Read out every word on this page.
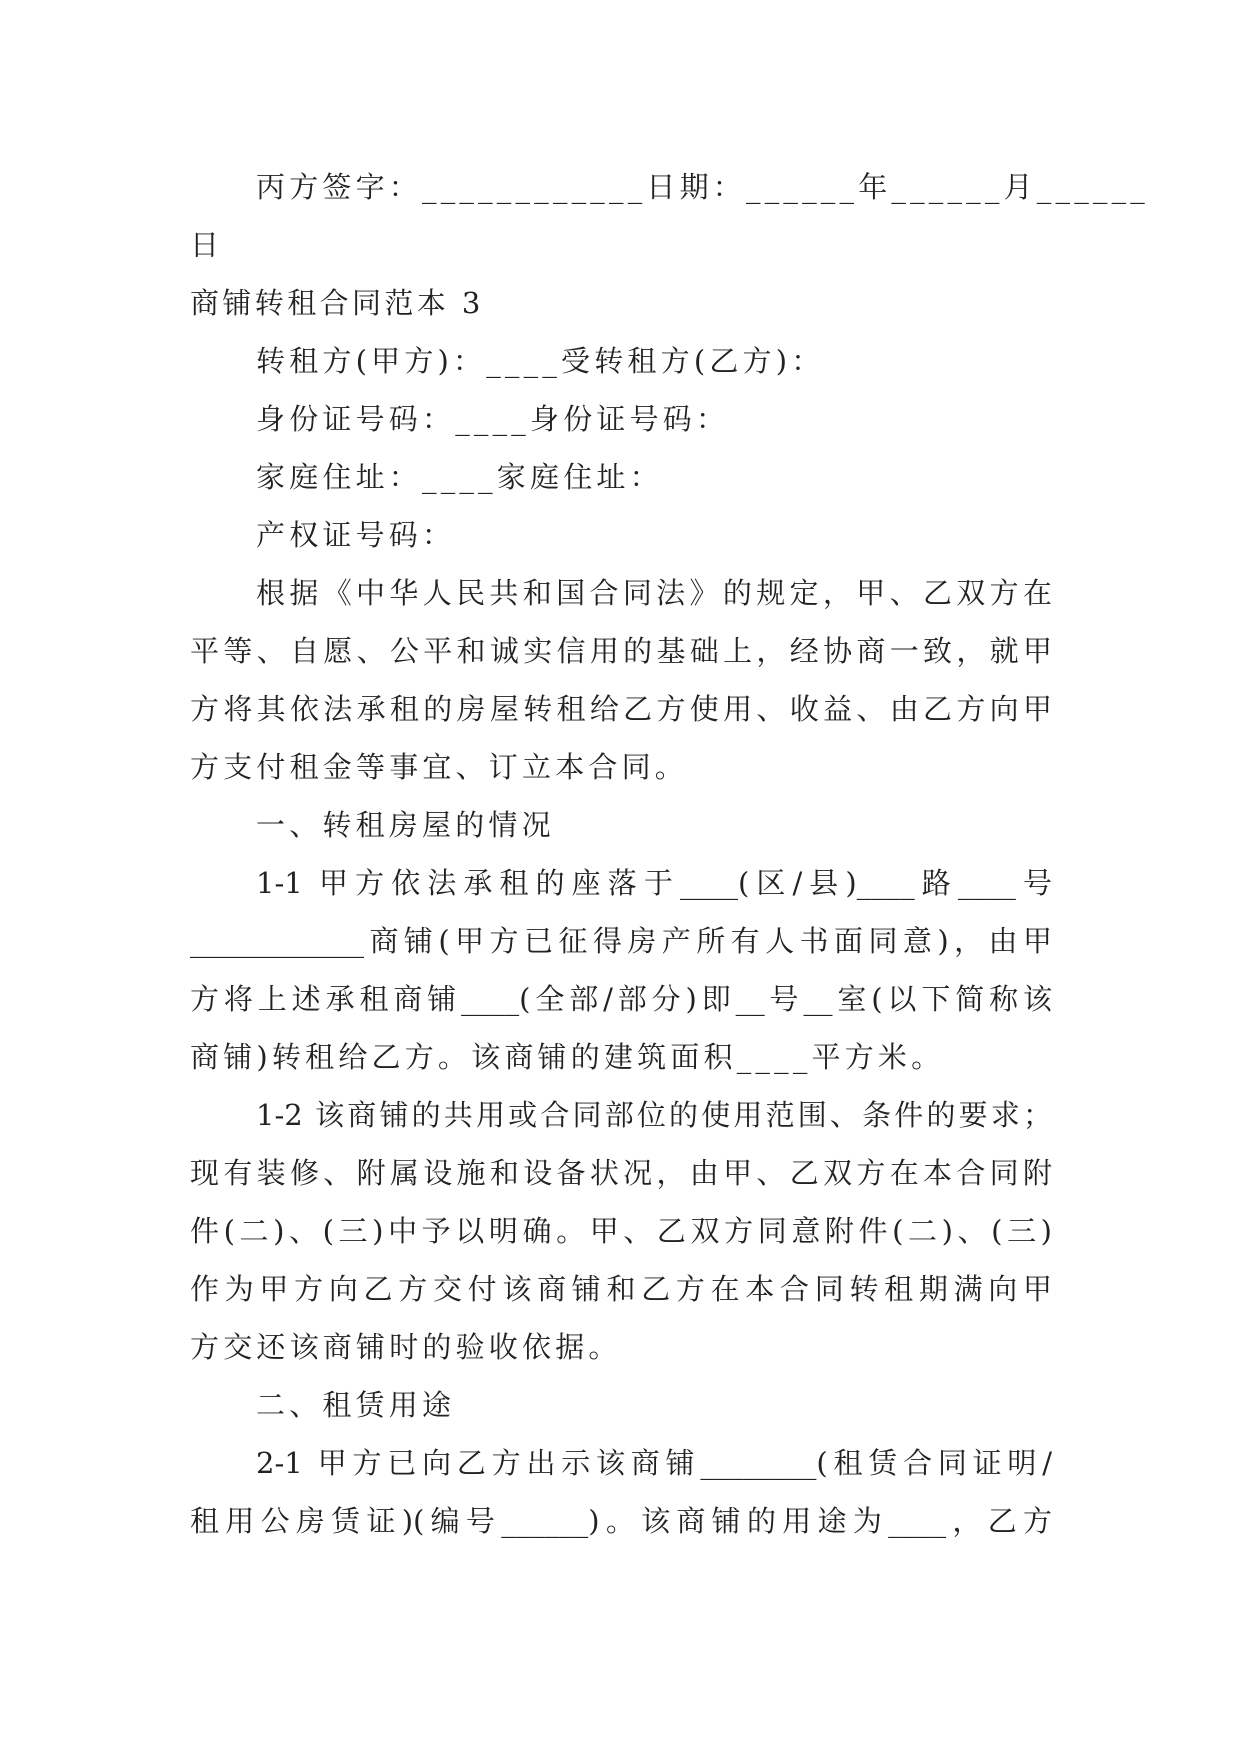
丙方签字：____________日期：______年______月______
日
商铺转租合同范本 3
转租方(甲方)：____受转租方(乙方)：
身份证号码：____身份证号码：
家庭住址：____家庭住址：
产权证号码：
根据《中华人民共和国合同法》的规定，甲、乙双方在
平等、自愿、公平和诚实信用的基础上，经协商一致，就甲
方将其依法承租的房屋转租给乙方使用、收益、由乙方向甲
方支付租金等事宜、订立本合同。
一、转租房屋的情况
1-1 甲方依法承租的座落于____(区/县)____路____号
____________商铺(甲方已征得房产所有人书面同意)，由甲
方将上述承租商铺____(全部/部分)即__号__室(以下简称该
商铺)转租给乙方。该商铺的建筑面积____平方米。
1-2 该商铺的共用或合同部位的使用范围、条件的要求；
现有装修、附属设施和设备状况，由甲、乙双方在本合同附
件(二)、(三)中予以明确。甲、乙双方同意附件(二)、(三)
作为甲方向乙方交付该商铺和乙方在本合同转租期满向甲
方交还该商铺时的验收依据。
二、租赁用途
2-1 甲方已向乙方出示该商铺________(租赁合同证明/
租用公房赁证)(编号______)。该商铺的用途为____，乙方
